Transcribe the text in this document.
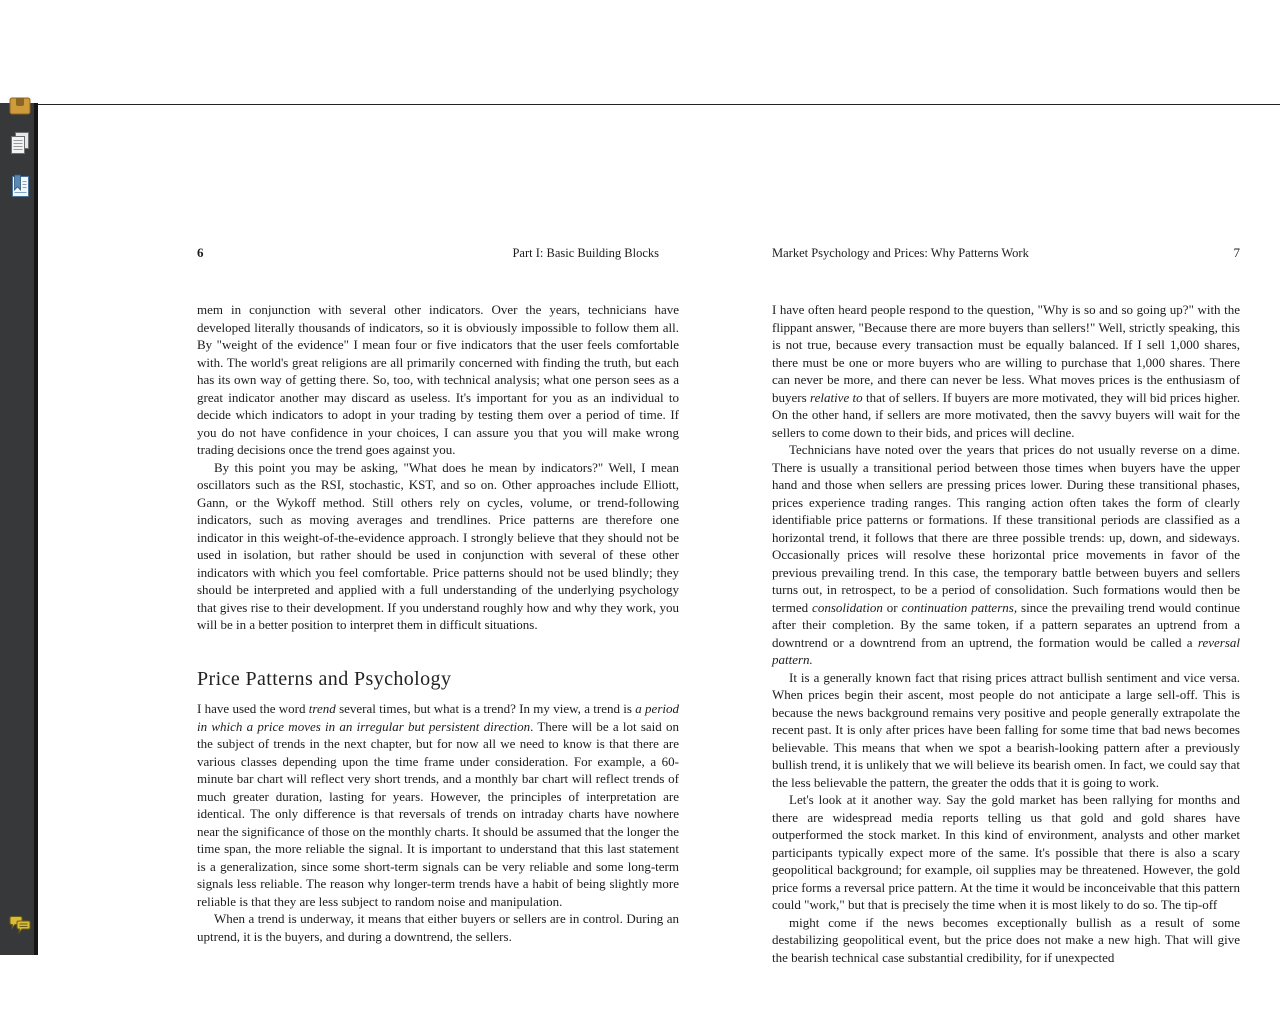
6	Part I: Basic Building Blocks

mem in conjunction with several other indicators. Over the years, technicians have developed literally thousands of indicators, so it is obviously impossible to follow them all. By "weight of the evidence" I mean four or five indicators that the user feels comfortable with. The world's great religions are all primarily concerned with finding the truth, but each has its own way of getting there. So, too, with technical analysis; what one person sees as a great indicator another may discard as useless. It's important for you as an individual to decide which indicators to adopt in your trading by testing them over a period of time. If you do not have confidence in your choices, I can assure you that you will make wrong trading decisions once the trend goes against you.

By this point you may be asking, "What does he mean by indicators?" Well, I mean oscillators such as the RSI, stochastic, KST, and so on. Other approaches include Elliott, Gann, or the Wykoff method. Still others rely on cycles, volume, or trend-following indicators, such as moving averages and trendlines. Price patterns are therefore one indicator in this weight-of-the-evidence approach. I strongly believe that they should not be used in isolation, but rather should be used in conjunction with several of these other indicators with which you feel comfortable. Price patterns should not be used blindly; they should be interpreted and applied with a full understanding of the underlying psychology that gives rise to their development. If you understand roughly how and why they work, you will be in a better position to interpret them in difficult situations.

Price Patterns and Psychology

I have used the word trend several times, but what is a trend? In my view, a trend is a period in which a price moves in an irregular but persistent direction. There will be a lot said on the subject of trends in the next chapter, but for now all we need to know is that there are various classes depending upon the time frame under consideration. For example, a 60-minute bar chart will reflect very short trends, and a monthly bar chart will reflect trends of much greater duration, lasting for years. However, the principles of interpretation are identical. The only difference is that reversals of trends on intraday charts have nowhere near the significance of those on the monthly charts. It should be assumed that the longer the time span, the more reliable the signal. It is important to understand that this last statement is a generalization, since some short-term signals can be very reliable and some long-term signals less reliable. The reason why longer-term trends have a habit of being slightly more reliable is that they are less subject to random noise and manipulation.

When a trend is underway, it means that either buyers or sellers are in control. During an uptrend, it is the buyers, and during a downtrend, the sellers.

Market Psychology and Prices: Why Patterns Work	7

I have often heard people respond to the question, "Why is so and so going up?" with the flippant answer, "Because there are more buyers than sellers!" Well, strictly speaking, this is not true, because every transaction must be equally balanced. If I sell 1,000 shares, there must be one or more buyers who are willing to purchase that 1,000 shares. There can never be more, and there can never be less. What moves prices is the enthusiasm of buyers relative to that of sellers. If buyers are more motivated, they will bid prices higher. On the other hand, if sellers are more motivated, then the savvy buyers will wait for the sellers to come down to their bids, and prices will decline.

Technicians have noted over the years that prices do not usually reverse on a dime. There is usually a transitional period between those times when buyers have the upper hand and those when sellers are pressing prices lower. During these transitional phases, prices experience trading ranges. This ranging action often takes the form of clearly identifiable price patterns or formations. If these transitional periods are classified as a horizontal trend, it follows that there are three possible trends: up, down, and sideways. Occasionally prices will resolve these horizontal price movements in favor of the previous prevailing trend. In this case, the temporary battle between buyers and sellers turns out, in retrospect, to be a period of consolidation. Such formations would then be termed consolidation or continuation patterns, since the prevailing trend would continue after their completion. By the same token, if a pattern separates an uptrend from a downtrend or a downtrend from an uptrend, the formation would be called a reversal pattern.

It is a generally known fact that rising prices attract bullish sentiment and vice versa. When prices begin their ascent, most people do not anticipate a large sell-off. This is because the news background remains very positive and people generally extrapolate the recent past. It is only after prices have been falling for some time that bad news becomes believable. This means that when we spot a bearish-looking pattern after a previously bullish trend, it is unlikely that we will believe its bearish omen. In fact, we could say that the less believable the pattern, the greater the odds that it is going to work.

Let's look at it another way. Say the gold market has been rallying for months and there are widespread media reports telling us that gold and gold shares have outperformed the stock market. In this kind of environment, analysts and other market participants typically expect more of the same. It's possible that there is also a scary geopolitical background; for example, oil supplies may be threatened. However, the gold price forms a reversal price pattern. At the time it would be inconceivable that this pattern could "work," but that is precisely the time when it is most likely to do so. The tip-off

might come if the news becomes exceptionally bullish as a result of some destabilizing geopolitical event, but the price does not make a new high. That will give the bearish technical case substantial credibility, for if unexpected
